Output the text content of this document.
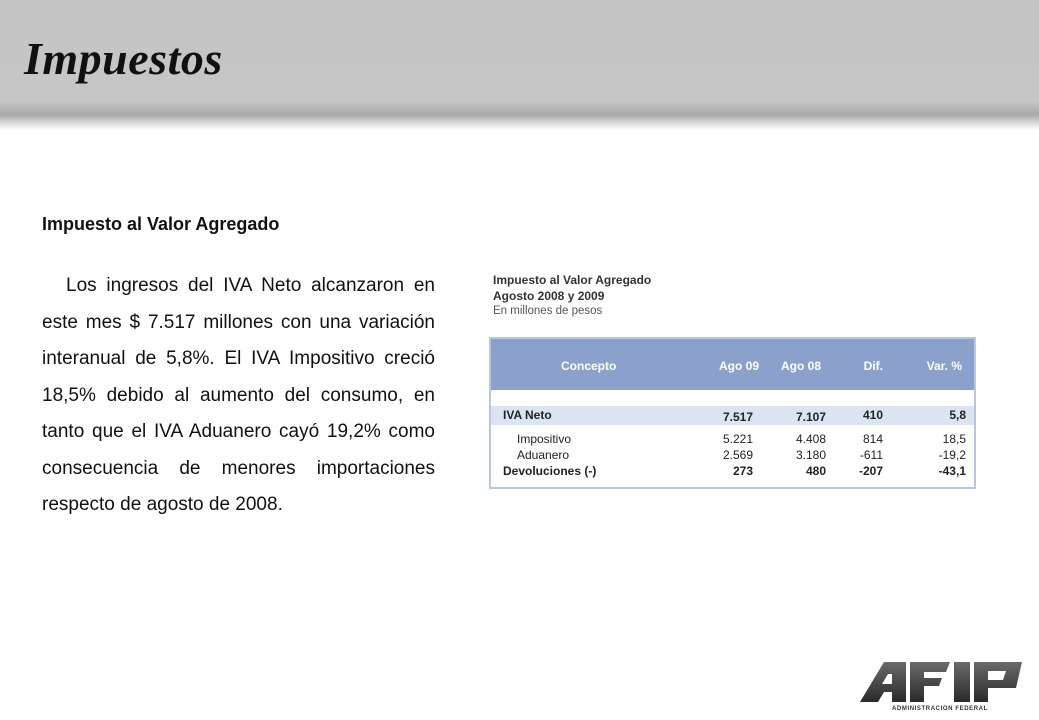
Impuestos
Impuesto al Valor Agregado

Los ingresos del IVA Neto alcanzaron en este mes $ 7.517 millones con una variación interanual de 5,8%. El IVA Impositivo creció 18,5% debido al aumento del consumo, en tanto que el IVA Aduanero cayó 19,2% como consecuencia de menores importaciones respecto de agosto de 2008.

Impuesto al Valor Agregado
Agosto 2008 y 2009
En millones de pesos
Concepto	Ago 09	Ago 08	Dif.	Var. %
IVA Neto	7.517	7.107	410	5,8
Impositivo	5.221	4.408	814	18,5
Aduanero	2.569	3.180	-611	-19,2
Devoluciones (-)	273	480	-207	-43,1
ADMINISTRACION FEDERAL
